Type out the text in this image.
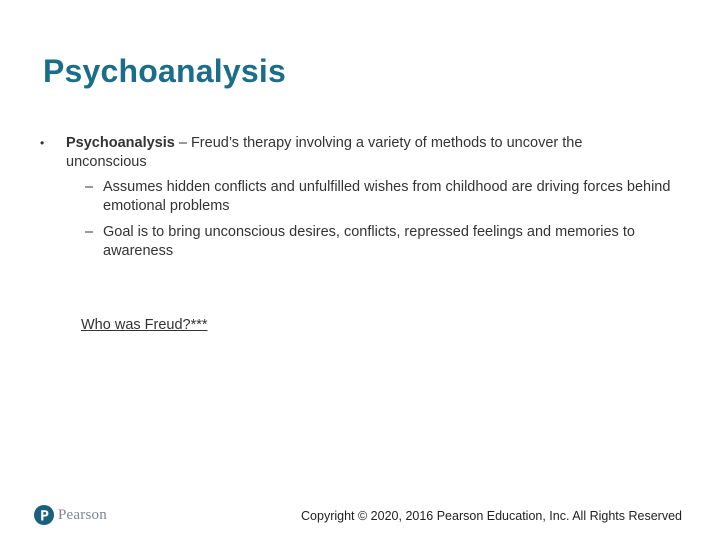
Psychoanalysis
• Psychoanalysis – Freud’s therapy involving a variety of methods to uncover the unconscious
– Assumes hidden conflicts and unfulfilled wishes from childhood are driving forces behind emotional problems
– Goal is to bring unconscious desires, conflicts, repressed feelings and memories to awareness
Who was Freud?***
Pearson	Copyright © 2020, 2016 Pearson Education, Inc. All Rights Reserved
